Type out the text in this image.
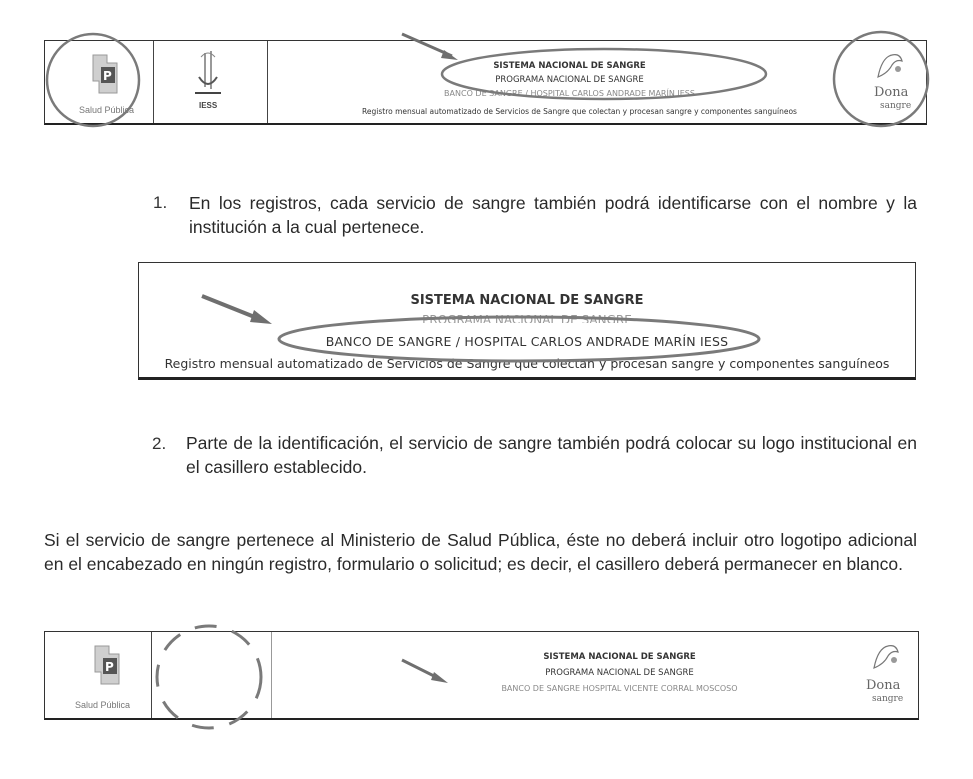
P
Salud Pública	IESS
SISTEMA NACIONAL DE SANGRE
PROGRAMA NACIONAL DE SANGRE
BANCO DE SANGRE / HOSPITAL CARLOS ANDRADE MARÍN IESS
Registro mensual automatizado de Servicios de Sangre que colectan y procesan sangre y componentes sanguíneos
Dona
sangre
1. En los registros, cada servicio de sangre también podrá identificarse con el nombre y la institución a la cual pertenece.
SISTEMA NACIONAL DE SANGRE
PROGRAMA NACIONAL DE SANGRE
BANCO DE SANGRE / HOSPITAL CARLOS ANDRADE MARÍN IESS
Registro mensual automatizado de Servicios de Sangre que colectan y procesan sangre y componentes sanguíneos
2. Parte de la identificación, el servicio de sangre también podrá colocar su logo institucional en el casillero establecido.
Si el servicio de sangre pertenece al Ministerio de Salud Pública, éste no deberá incluir otro logotipo adicional en el encabezado en ningún registro, formulario o solicitud; es decir, el casillero deberá permanecer en blanco.
P
Salud Pública
SISTEMA NACIONAL DE SANGRE
PROGRAMA NACIONAL DE SANGRE
BANCO DE SANGRE HOSPITAL VICENTE CORRAL MOSCOSO	Dona
sangre
